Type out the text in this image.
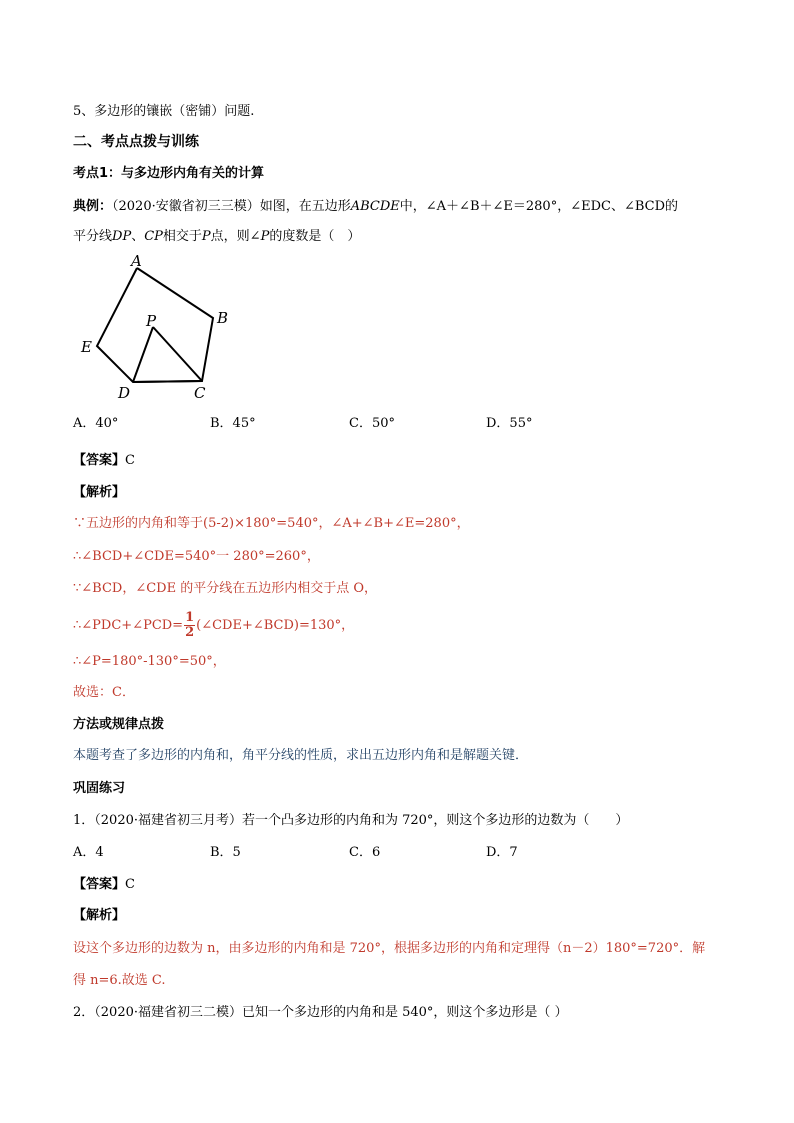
5、多边形的镶嵌（密铺）问题.
二、考点点拨与训练
考点1：与多边形内角有关的计算
典例：（2020·安徽省初三三模）如图，在五边形ABCDE中，∠A＋∠B＋∠E＝280°，∠EDC、∠BCD的
平分线DP、CP相交于P点，则∠P的度数是（　）
A
B
C
D
E
P
A．40°	B．45°	C．50°	D．55°
【答案】C
【解析】
∵五边形的内角和等于(5-2)×180°=540°，∠A+∠B+∠E=280°，
∴∠BCD+∠CDE=540°一 280°=260°，
∵∠BCD，∠CDE 的平分线在五边形内相交于点 O，
∴∠PDC+∠PCD= $\frac{1}{2}$ (∠CDE+∠BCD)=130°，
∴∠P=180°-130°=50°，
故选：C．
方法或规律点拨
本题考查了多边形的内角和，角平分线的性质，求出五边形内角和是解题关键．
巩固练习
1．（2020·福建省初三月考）若一个凸多边形的内角和为 720°，则这个多边形的边数为（　　）
A．4	B．5	C．6	D．7
【答案】C
【解析】
设这个多边形的边数为 n，由多边形的内角和是 720°，根据多边形的内角和定理得（n－2）180°=720°．解
得 n=6.故选 C.
2．（2020·福建省初三二模）已知一个多边形的内角和是 540°，则这个多边形是（ ）
